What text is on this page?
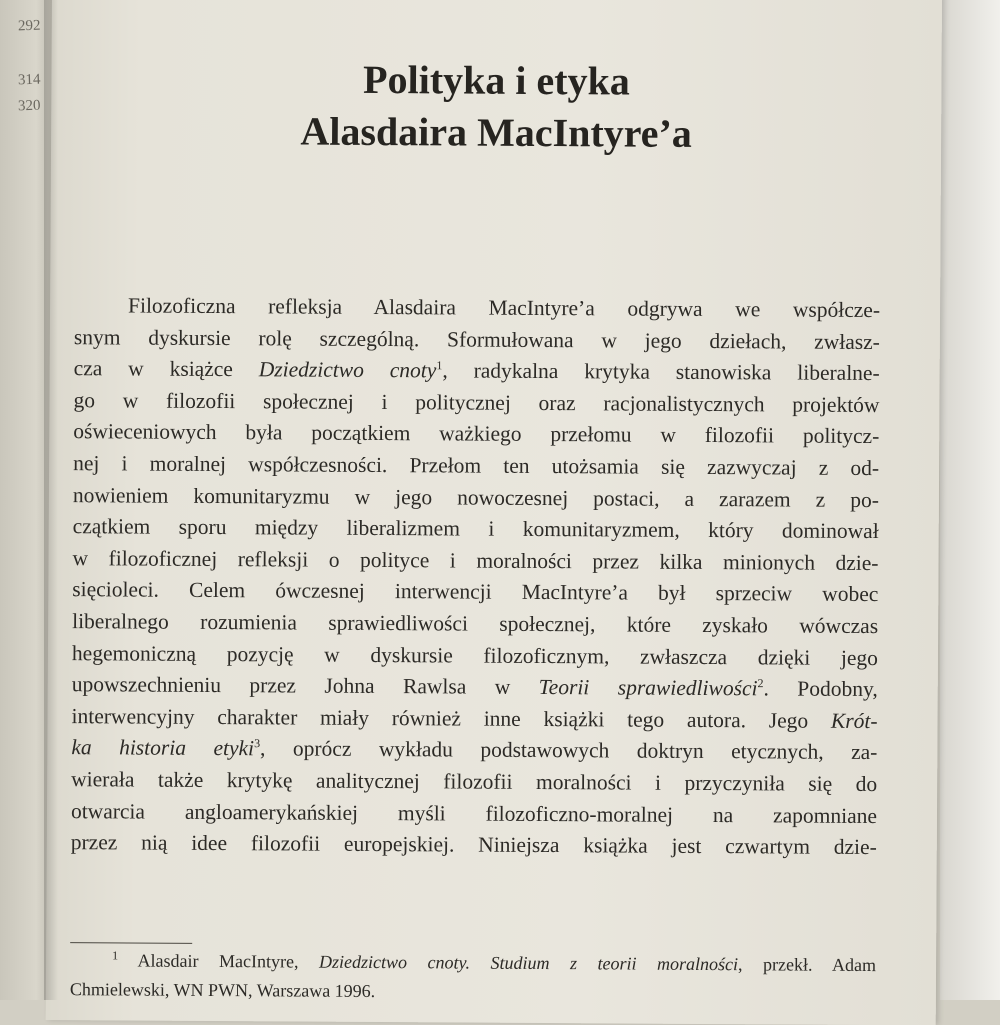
292
314
320
Polityka i etyka
Alasdaira MacIntyre’a
Filozoficzna refleksja Alasdaira MacIntyre’a odgrywa we współcze-
snym dyskursie rolę szczególną. Sformułowana w jego dziełach, zwłasz-
cza w książce Dziedzictwo cnoty$^1$, radykalna krytyka stanowiska liberalne-
go w filozofii społecznej i politycznej oraz racjonalistycznych projektów
oświeceniowych była początkiem ważkiego przełomu w filozofii politycz-
nej i moralnej współczesności. Przełom ten utożsamia się zazwyczaj z od-
nowieniem komunitaryzmu w jego nowoczesnej postaci, a zarazem z po-
czątkiem sporu między liberalizmem i komunitaryzmem, który dominował
w filozoficznej refleksji o polityce i moralności przez kilka minionych dzie-
sięcioleci. Celem ówczesnej interwencji MacIntyre’a był sprzeciw wobec
liberalnego rozumienia sprawiedliwości społecznej, które zyskało wówczas
hegemoniczną pozycję w dyskursie filozoficznym, zwłaszcza dzięki jego
upowszechnieniu przez Johna Rawlsa w Teorii sprawiedliwości$^2$. Podobny,
interwencyjny charakter miały również inne książki tego autora. Jego Krót-
ka historia etyki$^3$, oprócz wykładu podstawowych doktryn etycznych, za-
wierała także krytykę analitycznej filozofii moralności i przyczyniła się do
otwarcia angloamerykańskiej myśli filozoficzno-moralnej na zapomniane
przez nią idee filozofii europejskiej. Niniejsza książka jest czwartym dzie-
$^1$ Alasdair MacIntyre, Dziedzictwo cnoty. Studium z teorii moralności, przekł. Adam
Chmielewski, WN PWN, Warszawa 1996.
